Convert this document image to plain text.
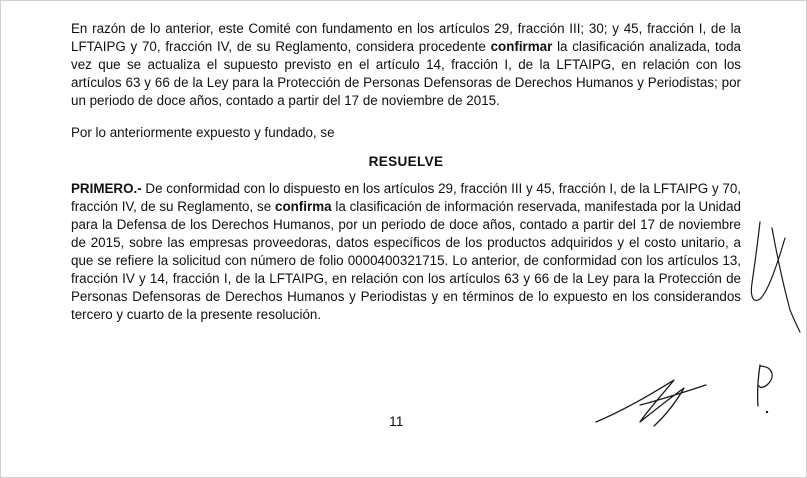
En razón de lo anterior, este Comité con fundamento en los artículos 29, fracción III; 30; y 45, fracción I, de la LFTAIPG y 70, fracción IV, de su Reglamento, considera procedente confirmar la clasificación analizada, toda vez que se actualiza el supuesto previsto en el artículo 14, fracción I, de la LFTAIPG, en relación con los artículos 63 y 66 de la Ley para la Protección de Personas Defensoras de Derechos Humanos y Periodistas; por un periodo de doce años, contado a partir del 17 de noviembre de 2015.

Por lo anteriormente expuesto y fundado, se

RESUELVE

PRIMERO.- De conformidad con lo dispuesto en los artículos 29, fracción III y 45, fracción I, de la LFTAIPG y 70, fracción IV, de su Reglamento, se confirma la clasificación de información reservada, manifestada por la Unidad para la Defensa de los Derechos Humanos, por un periodo de doce años, contado a partir del 17 de noviembre de 2015, sobre las empresas proveedoras, datos específicos de los productos adquiridos y el costo unitario, a que se refiere la solicitud con número de folio 0000400321715. Lo anterior, de conformidad con los artículos 13, fracción IV y 14, fracción I, de la LFTAIPG, en relación con los artículos 63 y 66 de la Ley para la Protección de Personas Defensoras de Derechos Humanos y Periodistas y en términos de lo expuesto en los considerandos tercero y cuarto de la presente resolución.

11
